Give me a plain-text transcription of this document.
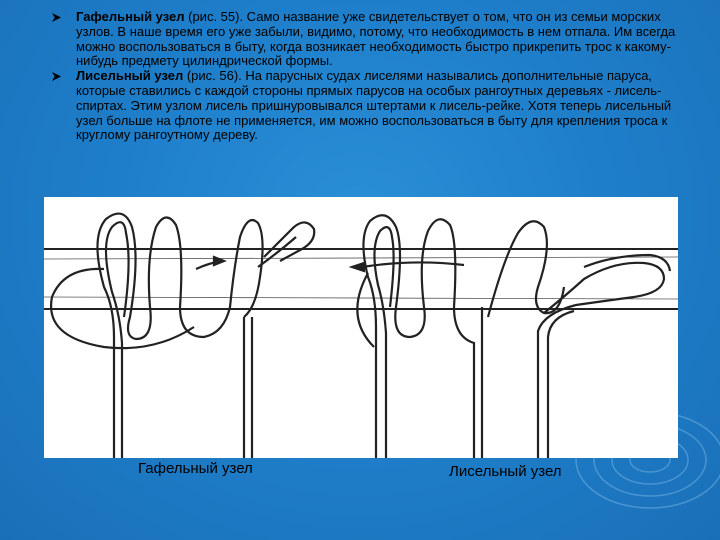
Гафельный узел (рис. 55). Само название уже свидетельствует о том, что он из семьи морских узлов. В наше время его уже забыли, видимо, потому, что необходимость в нем отпала. Им всегда можно воспользоваться в быту, когда возникает необходимость быстро прикрепить трос к какому-нибудь предмету цилиндрической формы.
Лисельный узел (рис. 56). На парусных судах лиселями назывались дополнительные паруса, которые ставились с каждой стороны прямых парусов на особых рангоутных деревьях - лисель-спиртах. Этим узлом лисель пришнуровывался штертами к лисель-рейке. Хотя теперь лисельный узел больше на флоте не применяется, им можно воспользоваться в быту для крепления троса к круглому рангоутному дереву.
Гафельный узел	Лисельный узел
